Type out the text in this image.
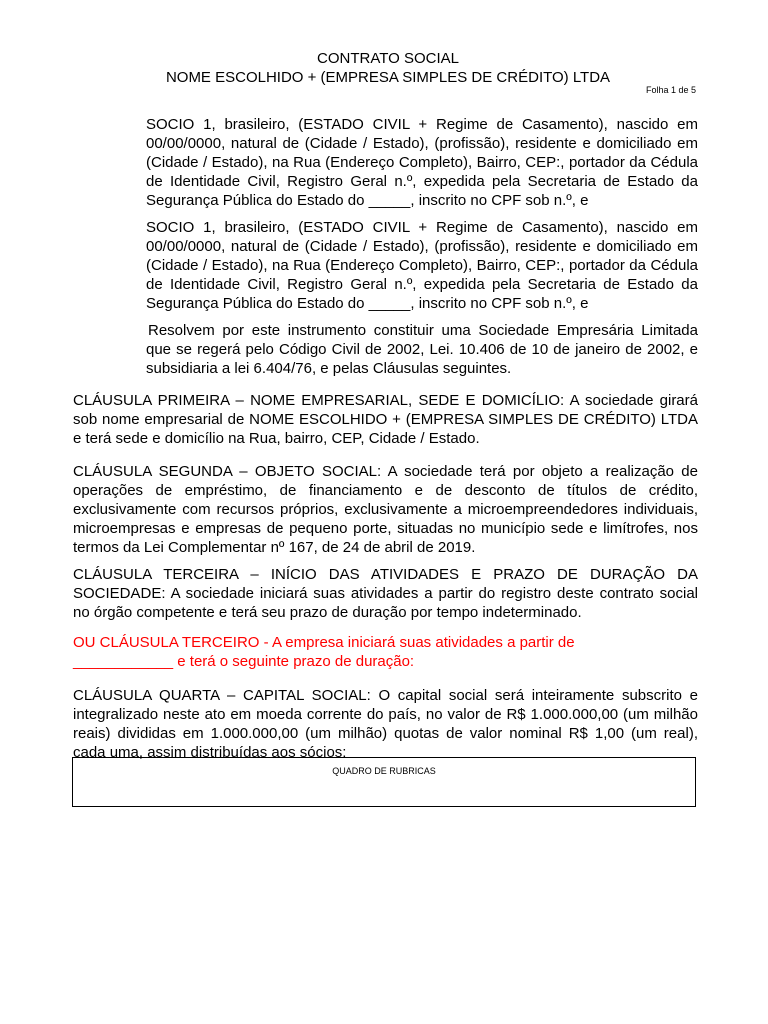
CONTRATO SOCIAL
NOME ESCOLHIDO + (EMPRESA SIMPLES DE CRÉDITO) LTDA
Folha 1 de 5

SOCIO 1, brasileiro, (ESTADO CIVIL + Regime de Casamento), nascido em 00/00/0000, natural de (Cidade / Estado), (profissão), residente e domiciliado em (Cidade / Estado), na Rua (Endereço Completo), Bairro, CEP:, portador da Cédula de Identidade Civil, Registro Geral n.º, expedida pela Secretaria de Estado da Segurança Pública do Estado do _____, inscrito no CPF sob n.º, e

SOCIO 1, brasileiro, (ESTADO CIVIL + Regime de Casamento), nascido em 00/00/0000, natural de (Cidade / Estado), (profissão), residente e domiciliado em (Cidade / Estado), na Rua (Endereço Completo), Bairro, CEP:, portador da Cédula de Identidade Civil, Registro Geral n.º, expedida pela Secretaria de Estado da Segurança Pública do Estado do _____, inscrito no CPF sob n.º, e

Resolvem por este instrumento constituir uma Sociedade Empresária Limitada que se regerá pelo Código Civil de 2002, Lei. 10.406 de 10 de janeiro de 2002, e subsidiaria a lei 6.404/76, e pelas Cláusulas seguintes.

CLÁUSULA PRIMEIRA – NOME EMPRESARIAL, SEDE E DOMICÍLIO: A sociedade girará sob nome empresarial de NOME ESCOLHIDO + (EMPRESA SIMPLES DE CRÉDITO) LTDA e terá sede e domicílio na Rua, bairro, CEP, Cidade / Estado.

CLÁUSULA SEGUNDA – OBJETO SOCIAL: A sociedade terá por objeto a realização de operações de empréstimo, de financiamento e de desconto de títulos de crédito, exclusivamente com recursos próprios, exclusivamente a microempreendedores individuais, microempresas e empresas de pequeno porte, situadas no município sede e limítrofes, nos termos da Lei Complementar nº 167, de 24 de abril de 2019.

CLÁUSULA TERCEIRA – INÍCIO DAS ATIVIDADES E PRAZO DE DURAÇÃO DA SOCIEDADE: A sociedade iniciará suas atividades a partir do registro deste contrato social no órgão competente e terá seu prazo de duração por tempo indeterminado.

OU CLÁUSULA TERCEIRO - A empresa iniciará suas atividades a partir de
____________ e terá o seguinte prazo de duração:

CLÁUSULA QUARTA – CAPITAL SOCIAL: O capital social será inteiramente subscrito e integralizado neste ato em moeda corrente do país, no valor de R$ 1.000.000,00 (um milhão reais) divididas em 1.000.000,00 (um milhão) quotas de valor nominal R$ 1,00 (um real), cada uma, assim distribuídas aos sócios:

QUADRO DE RUBRICAS
